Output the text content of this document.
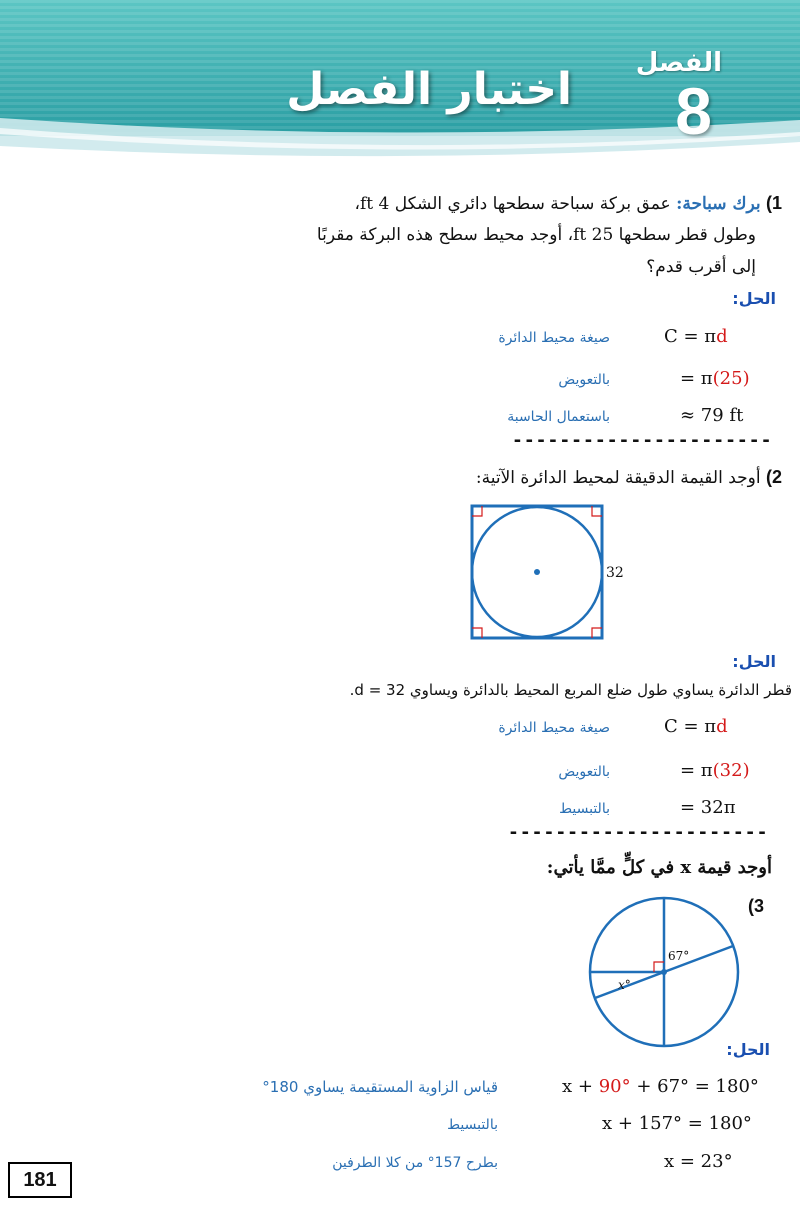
الفصل
8
اختبار الفصل
1) برك سباحة: عمق بركة سباحة سطحها دائري الشكل 4 ft،
وطول قطر سطحها 25 ft، أوجد محيط سطح هذه البركة مقربًا
إلى أقرب قدم؟
الحل:
C = πd
صيغة محيط الدائرة
= π(25)
بالتعويض
≈ 79 ft
باستعمال الحاسبة
----------------------
2) أوجد القيمة الدقيقة لمحيط الدائرة الآتية:
32
الحل:
قطر الدائرة يساوي طول ضلع المربع المحيط بالدائرة ويساوي 32 = d.
C = πd
صيغة محيط الدائرة
= π(32)
بالتعويض
= 32π
بالتبسيط
----------------------
أوجد قيمة x في كلٍّ ممَّا يأتي:
(3
67°
x°
الحل:
x + 90° + 67° = 180°
قياس الزاوية المستقيمة يساوي 180°
x + 157° = 180°
بالتبسيط
x = 23°
بطرح 157° من كلا الطرفين
181
